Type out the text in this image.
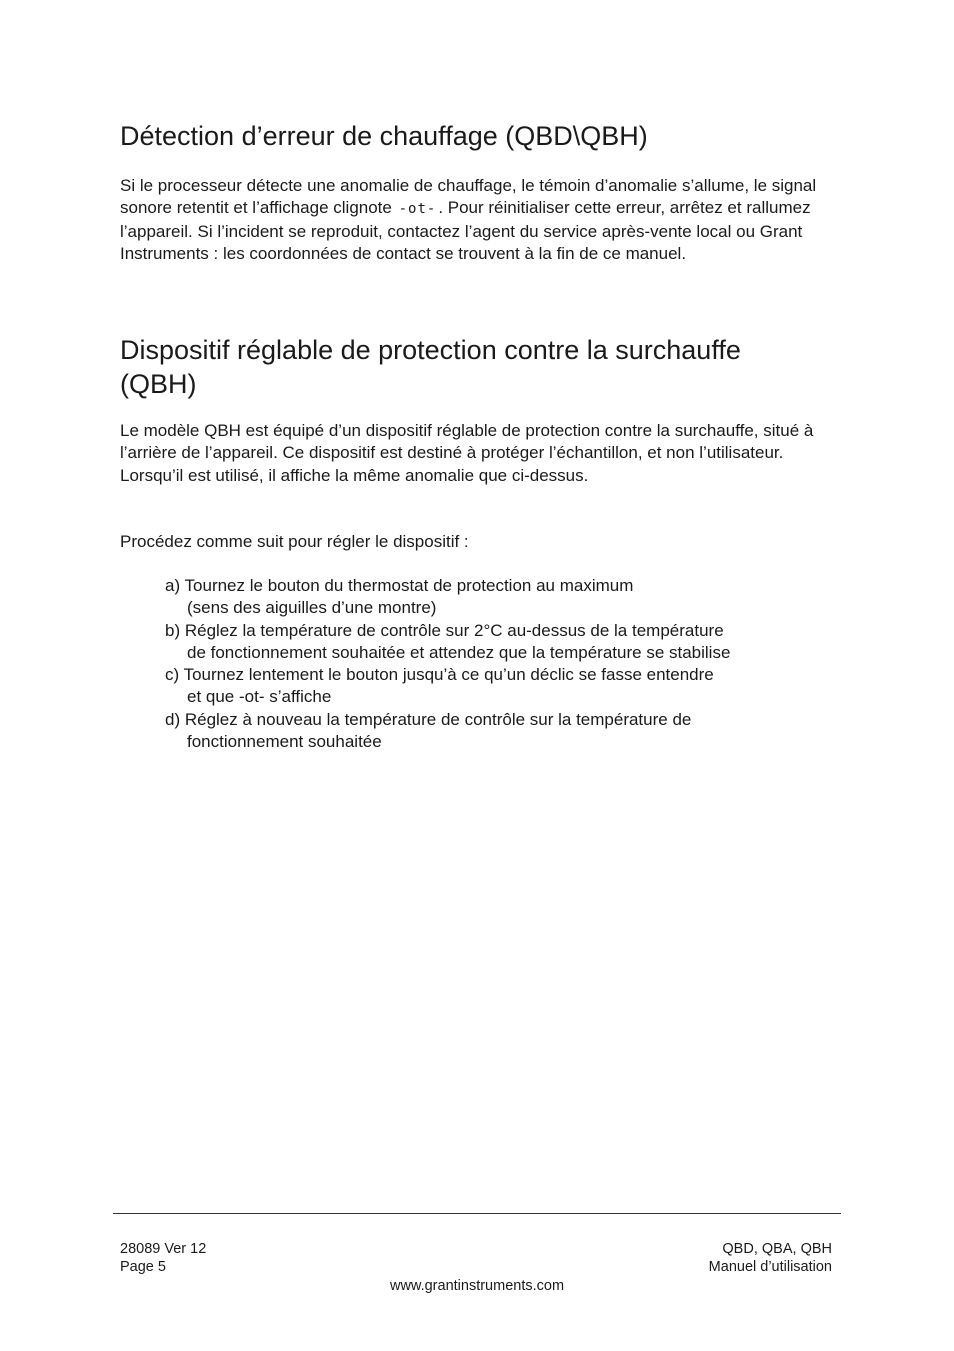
Détection d’erreur de chauffage (QBD\QBH)

Si le processeur détecte une anomalie de chauffage, le témoin d’anomalie s’allume, le signal sonore retentit et l’affichage clignote -ot- . Pour réinitialiser cette erreur, arrêtez et rallumez l’appareil. Si l’incident se reproduit, contactez l’agent du service après-vente local ou Grant Instruments : les coordonnées de contact se trouvent à la fin de ce manuel.

Dispositif réglable de protection contre la surchauffe
(QBH)

Le modèle QBH est équipé d’un dispositif réglable de protection contre la surchauffe, situé à l’arrière de l’appareil. Ce dispositif est destiné à protéger l’échantillon, et non l’utilisateur. Lorsqu’il est utilisé, il affiche la même anomalie que ci-dessus.

Procédez comme suit pour régler le dispositif :

a) Tournez le bouton du thermostat de protection au maximum
(sens des aiguilles d’une montre)
b) Réglez la température de contrôle sur 2°C au-dessus de la température
de fonctionnement souhaitée et attendez que la température se stabilise
c) Tournez lentement le bouton jusqu’à ce qu’un déclic se fasse entendre
et que -ot- s’affiche
d) Réglez à nouveau la température de contrôle sur la température de
fonctionnement souhaitée

28089 Ver 12

Page 5

QBD, QBA, QBH

Manuel d’utilisation

www.grantinstruments.com
